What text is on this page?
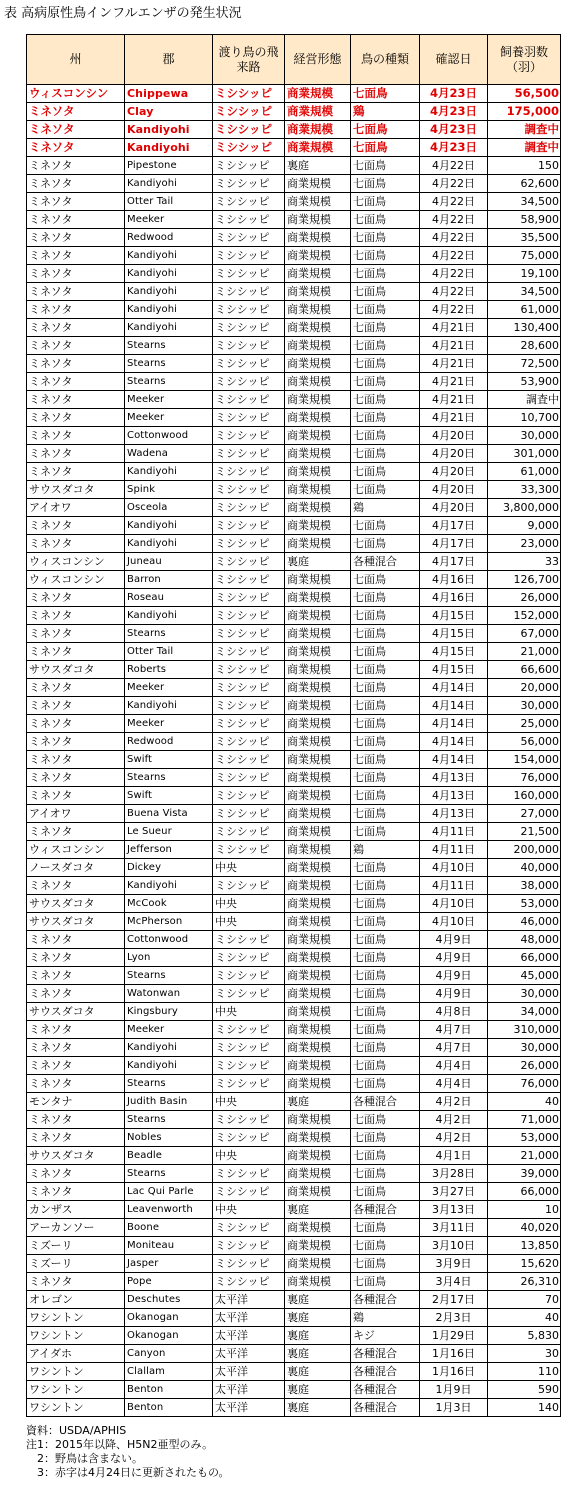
表 高病原性鳥インフルエンザの発生状況
州	郡	渡り鳥の飛来路	経営形態	鳥の種類	確認日	飼養羽数（羽）
ウィスコンシン	Chippewa	ミシシッピ	商業規模	七面鳥	4月23日	56,500
ミネソタ	Clay	ミシシッピ	商業規模	鶏	4月23日	175,000
ミネソタ	Kandiyohi	ミシシッピ	商業規模	七面鳥	4月23日	調査中
ミネソタ	Kandiyohi	ミシシッピ	商業規模	七面鳥	4月23日	調査中
ミネソタ	Pipestone	ミシシッピ	裏庭	七面鳥	4月22日	150
ミネソタ	Kandiyohi	ミシシッピ	商業規模	七面鳥	4月22日	62,600
ミネソタ	Otter Tail	ミシシッピ	商業規模	七面鳥	4月22日	34,500
ミネソタ	Meeker	ミシシッピ	商業規模	七面鳥	4月22日	58,900
ミネソタ	Redwood	ミシシッピ	商業規模	七面鳥	4月22日	35,500
ミネソタ	Kandiyohi	ミシシッピ	商業規模	七面鳥	4月22日	75,000
ミネソタ	Kandiyohi	ミシシッピ	商業規模	七面鳥	4月22日	19,100
ミネソタ	Kandiyohi	ミシシッピ	商業規模	七面鳥	4月22日	34,500
ミネソタ	Kandiyohi	ミシシッピ	商業規模	七面鳥	4月22日	61,000
ミネソタ	Kandiyohi	ミシシッピ	商業規模	七面鳥	4月21日	130,400
ミネソタ	Stearns	ミシシッピ	商業規模	七面鳥	4月21日	28,600
ミネソタ	Stearns	ミシシッピ	商業規模	七面鳥	4月21日	72,500
ミネソタ	Stearns	ミシシッピ	商業規模	七面鳥	4月21日	53,900
ミネソタ	Meeker	ミシシッピ	商業規模	七面鳥	4月21日	調査中
ミネソタ	Meeker	ミシシッピ	商業規模	七面鳥	4月21日	10,700
ミネソタ	Cottonwood	ミシシッピ	商業規模	七面鳥	4月20日	30,000
ミネソタ	Wadena	ミシシッピ	商業規模	七面鳥	4月20日	301,000
ミネソタ	Kandiyohi	ミシシッピ	商業規模	七面鳥	4月20日	61,000
サウスダコタ	Spink	ミシシッピ	商業規模	七面鳥	4月20日	33,300
アイオワ	Osceola	ミシシッピ	商業規模	鶏	4月20日	3,800,000
ミネソタ	Kandiyohi	ミシシッピ	商業規模	七面鳥	4月17日	9,000
ミネソタ	Kandiyohi	ミシシッピ	商業規模	七面鳥	4月17日	23,000
ウィスコンシン	Juneau	ミシシッピ	裏庭	各種混合	4月17日	33
ウィスコンシン	Barron	ミシシッピ	商業規模	七面鳥	4月16日	126,700
ミネソタ	Roseau	ミシシッピ	商業規模	七面鳥	4月16日	26,000
ミネソタ	Kandiyohi	ミシシッピ	商業規模	七面鳥	4月15日	152,000
ミネソタ	Stearns	ミシシッピ	商業規模	七面鳥	4月15日	67,000
ミネソタ	Otter Tail	ミシシッピ	商業規模	七面鳥	4月15日	21,000
サウスダコタ	Roberts	ミシシッピ	商業規模	七面鳥	4月15日	66,600
ミネソタ	Meeker	ミシシッピ	商業規模	七面鳥	4月14日	20,000
ミネソタ	Kandiyohi	ミシシッピ	商業規模	七面鳥	4月14日	30,000
ミネソタ	Meeker	ミシシッピ	商業規模	七面鳥	4月14日	25,000
ミネソタ	Redwood	ミシシッピ	商業規模	七面鳥	4月14日	56,000
ミネソタ	Swift	ミシシッピ	商業規模	七面鳥	4月14日	154,000
ミネソタ	Stearns	ミシシッピ	商業規模	七面鳥	4月13日	76,000
ミネソタ	Swift	ミシシッピ	商業規模	七面鳥	4月13日	160,000
アイオワ	Buena Vista	ミシシッピ	商業規模	七面鳥	4月13日	27,000
ミネソタ	Le Sueur	ミシシッピ	商業規模	七面鳥	4月11日	21,500
ウィスコンシン	Jefferson	ミシシッピ	商業規模	鶏	4月11日	200,000
ノースダコタ	Dickey	中央	商業規模	七面鳥	4月10日	40,000
ミネソタ	Kandiyohi	ミシシッピ	商業規模	七面鳥	4月11日	38,000
サウスダコタ	McCook	中央	商業規模	七面鳥	4月10日	53,000
サウスダコタ	McPherson	中央	商業規模	七面鳥	4月10日	46,000
ミネソタ	Cottonwood	ミシシッピ	商業規模	七面鳥	4月9日	48,000
ミネソタ	Lyon	ミシシッピ	商業規模	七面鳥	4月9日	66,000
ミネソタ	Stearns	ミシシッピ	商業規模	七面鳥	4月9日	45,000
ミネソタ	Watonwan	ミシシッピ	商業規模	七面鳥	4月9日	30,000
サウスダコタ	Kingsbury	中央	商業規模	七面鳥	4月8日	34,000
ミネソタ	Meeker	ミシシッピ	商業規模	七面鳥	4月7日	310,000
ミネソタ	Kandiyohi	ミシシッピ	商業規模	七面鳥	4月7日	30,000
ミネソタ	Kandiyohi	ミシシッピ	商業規模	七面鳥	4月4日	26,000
ミネソタ	Stearns	ミシシッピ	商業規模	七面鳥	4月4日	76,000
モンタナ	Judith Basin	中央	裏庭	各種混合	4月2日	40
ミネソタ	Stearns	ミシシッピ	商業規模	七面鳥	4月2日	71,000
ミネソタ	Nobles	ミシシッピ	商業規模	七面鳥	4月2日	53,000
サウスダコタ	Beadle	中央	商業規模	七面鳥	4月1日	21,000
ミネソタ	Stearns	ミシシッピ	商業規模	七面鳥	3月28日	39,000
ミネソタ	Lac Qui Parle	ミシシッピ	商業規模	七面鳥	3月27日	66,000
カンザス	Leavenworth	中央	裏庭	各種混合	3月13日	10
アーカンソー	Boone	ミシシッピ	商業規模	七面鳥	3月11日	40,020
ミズーリ	Moniteau	ミシシッピ	商業規模	七面鳥	3月10日	13,850
ミズーリ	Jasper	ミシシッピ	商業規模	七面鳥	3月9日	15,620
ミネソタ	Pope	ミシシッピ	商業規模	七面鳥	3月4日	26,310
オレゴン	Deschutes	太平洋	裏庭	各種混合	2月17日	70
ワシントン	Okanogan	太平洋	裏庭	鶏	2月3日	40
ワシントン	Okanogan	太平洋	裏庭	キジ	1月29日	5,830
アイダホ	Canyon	太平洋	裏庭	各種混合	1月16日	30
ワシントン	Clallam	太平洋	裏庭	各種混合	1月16日	110
ワシントン	Benton	太平洋	裏庭	各種混合	1月9日	590
ワシントン	Benton	太平洋	裏庭	各種混合	1月3日	140
資料：USDA/APHIS
注1：2015年以降、H5N2亜型のみ。
　2：野鳥は含まない。
　3：赤字は4月24日に更新されたもの。
